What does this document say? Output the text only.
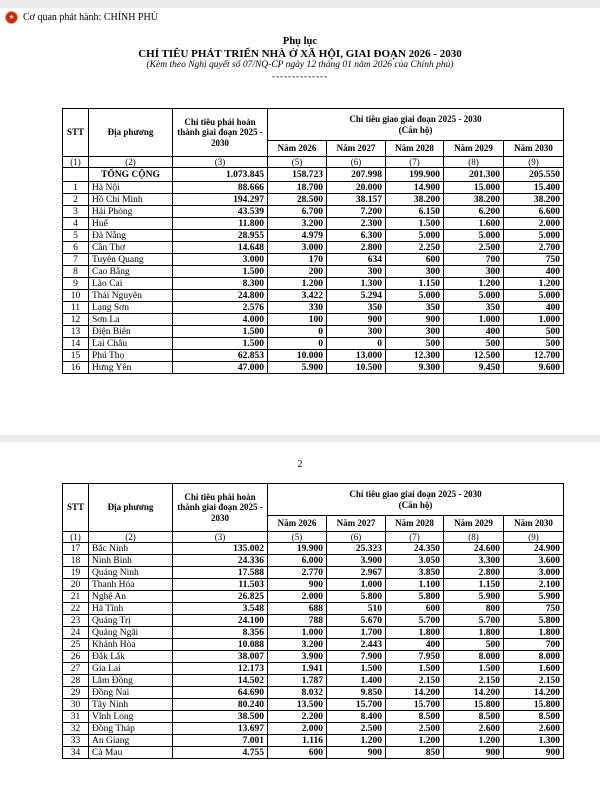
★ Cơ quan phát hành: CHÍNH PHỦ
Phụ lục
CHỈ TIÊU PHÁT TRIỂN NHÀ Ở XÃ HỘI, GIAI ĐOẠN 2026 - 2030
(Kèm theo Nghị quyết số 07/NQ-CP ngày 12 tháng 01 năm 2026 của Chính phủ)
--------------
STT	Địa phương	Chỉ tiêu phải hoàn thành giai đoạn 2025 - 2030	Chỉ tiêu giao giai đoạn 2025 - 2030
(Căn hộ)				
			Năm 2026	Năm 2027	Năm 2028	Năm 2029	Năm 2030
(1)	(2)	(3)	(5)	(6)	(7)	(8)	(9)
	TỔNG CỘNG	1.073.845	158.723	207.998	199.900	201.300	205.550
1	Hà Nội	88.666	18.700	20.000	14.900	15.000	15.400
2	Hồ Chí Minh	194.297	28.500	38.157	38.200	38.200	38.200
3	Hải Phòng	43.539	6.700	7.200	6.150	6.200	6.600
4	Huế	11.800	3.200	2.300	1.500	1.600	2.000
5	Đà Nẵng	28.955	4.979	6.300	5.000	5.000	5.000
6	Cần Thơ	14.648	3.000	2.800	2.250	2.500	2.700
7	Tuyên Quang	3.000	170	634	600	700	750
8	Cao Bằng	1.500	200	300	300	300	400
9	Lào Cai	8.300	1.200	1.300	1.150	1.200	1.200
10	Thái Nguyên	24.800	3.422	5.294	5.000	5.000	5.000
11	Lạng Sơn	2.576	330	350	350	350	400
12	Sơn La	4.000	100	900	900	1.000	1.000
13	Điện Biên	1.500	0	300	300	400	500
14	Lai Châu	1.500	0	0	500	500	500
15	Phú Thọ	62.853	10.000	13.000	12.300	12.500	12.700
16	Hưng Yên	47.000	5.900	10.500	9.300	9.450	9.600
2
STT	Địa phương	Chỉ tiêu phải hoàn thành giai đoạn 2025 - 2030	Chỉ tiêu giao giai đoạn 2025 - 2030
(Căn hộ)				
			Năm 2026	Năm 2027	Năm 2028	Năm 2029	Năm 2030
(1)	(2)	(3)	(5)	(6)	(7)	(8)	(9)
17	Bắc Ninh	135.002	19.900	25.323	24.350	24.600	24.900
18	Ninh Bình	24.336	6.000	3.900	3.050	3.300	3.600
19	Quảng Ninh	17.588	2.770	2.967	3.850	2.800	3.000
20	Thanh Hóa	11.503	900	1.000	1.100	1.150	2.100
21	Nghệ An	26.825	2.000	5.800	5.800	5.900	5.900
22	Hà Tĩnh	3.548	688	510	600	800	750
23	Quảng Trị	24.100	788	5.670	5.700	5.700	5.800
24	Quảng Ngãi	8.356	1.000	1.700	1.800	1.800	1.800
25	Khánh Hòa	10.088	3.200	2.443	400	500	700
26	Đắk Lắk	38.007	3.900	7.900	7.950	8.000	8.000
27	Gia Lai	12.173	1.941	1.500	1.500	1.500	1.600
28	Lâm Đồng	14.502	1.787	1.400	2.150	2.150	2.150
29	Đồng Nai	64.690	8.032	9.850	14.200	14.200	14.200
30	Tây Ninh	80.240	13.500	15.700	15.700	15.800	15.800
31	Vĩnh Long	38.500	2.200	8.400	8.500	8.500	8.500
32	Đồng Tháp	13.697	2.000	2.500	2.500	2.600	2.600
33	An Giang	7.001	1.116	1.200	1.200	1.200	1.300
34	Cà Mau	4.755	600	900	850	900	900
